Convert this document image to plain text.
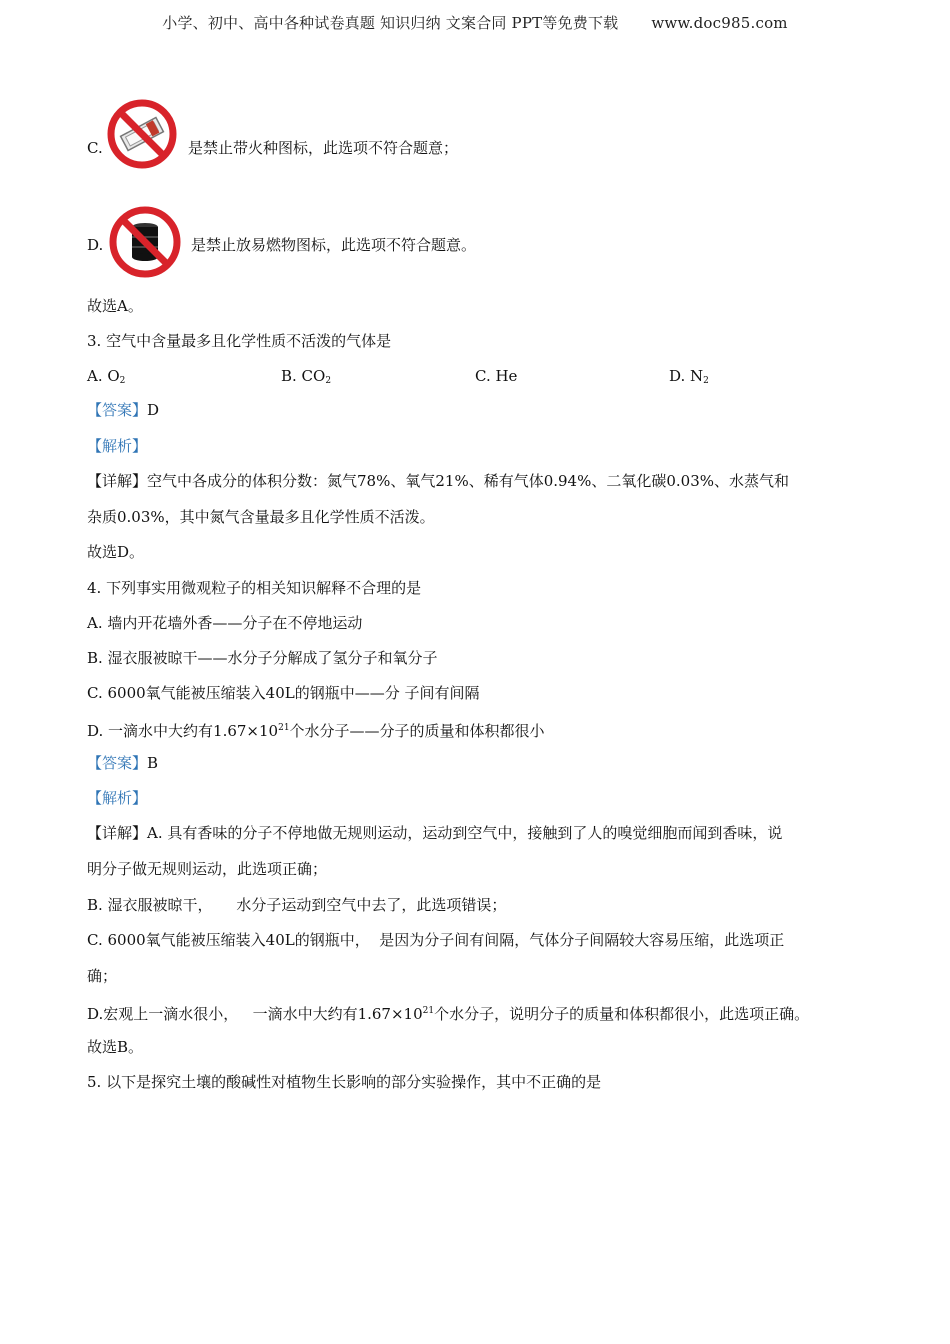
小学、初中、高中各种试卷真题 知识归纳 文案合同 PPT等免费下载 www.doc985.com
C.	是禁止带火种图标，此选项不符合题意；
D.	是禁止放易燃物图标，此选项不符合题意。
故选A。
3. 空气中含量最多且化学性质不活泼的气体是
A. $O_2$	B. $CO_2$	C. He	D. $N_2$
【答案】D
【解析】
【详解】空气中各成分的体积分数：氮气78%、氧气21%、稀有气体0.94%、二氧化碳0.03%、水蒸气和
杂质0.03%，其中氮气含量最多且化学性质不活泼。
故选D。
4. 下列事实用微观粒子的相关知识解释不合理的是
A. 墙内开花墙外香——分子在不停地运动
B. 湿衣服被晾干——水分子分解成了氢分子和氧分子
C. 6000氧气能被压缩装入40L的钢瓶中——分 子间有间隔
D. 一滴水中大约有$1.67\times 10^{21}$个水分子——分子的质量和体积都很小
【答案】B
【解析】
【详解】A. 具有香味的分子不停地做无规则运动，运动到空气中，接触到了人的嗅觉细胞而闻到香味，说
明分子做无规则运动，此选项正确；
B. 湿衣服被晾干，     水分子运动到空气中去了，此选项错误；
C. 6000氧气能被压缩装入40L的钢瓶中，  是因为分子间有间隔，气体分子间隔较大容易压缩，此选项正
确；
D.宏观上一滴水很小，   一滴水中大约有$1.67\times 10^{21}$个水分子，说明分子的质量和体积都很小，此选项正确。
故选B。
5. 以下是探究土壤的酸碱性对植物生长影响的部分实验操作，其中不正确的是
